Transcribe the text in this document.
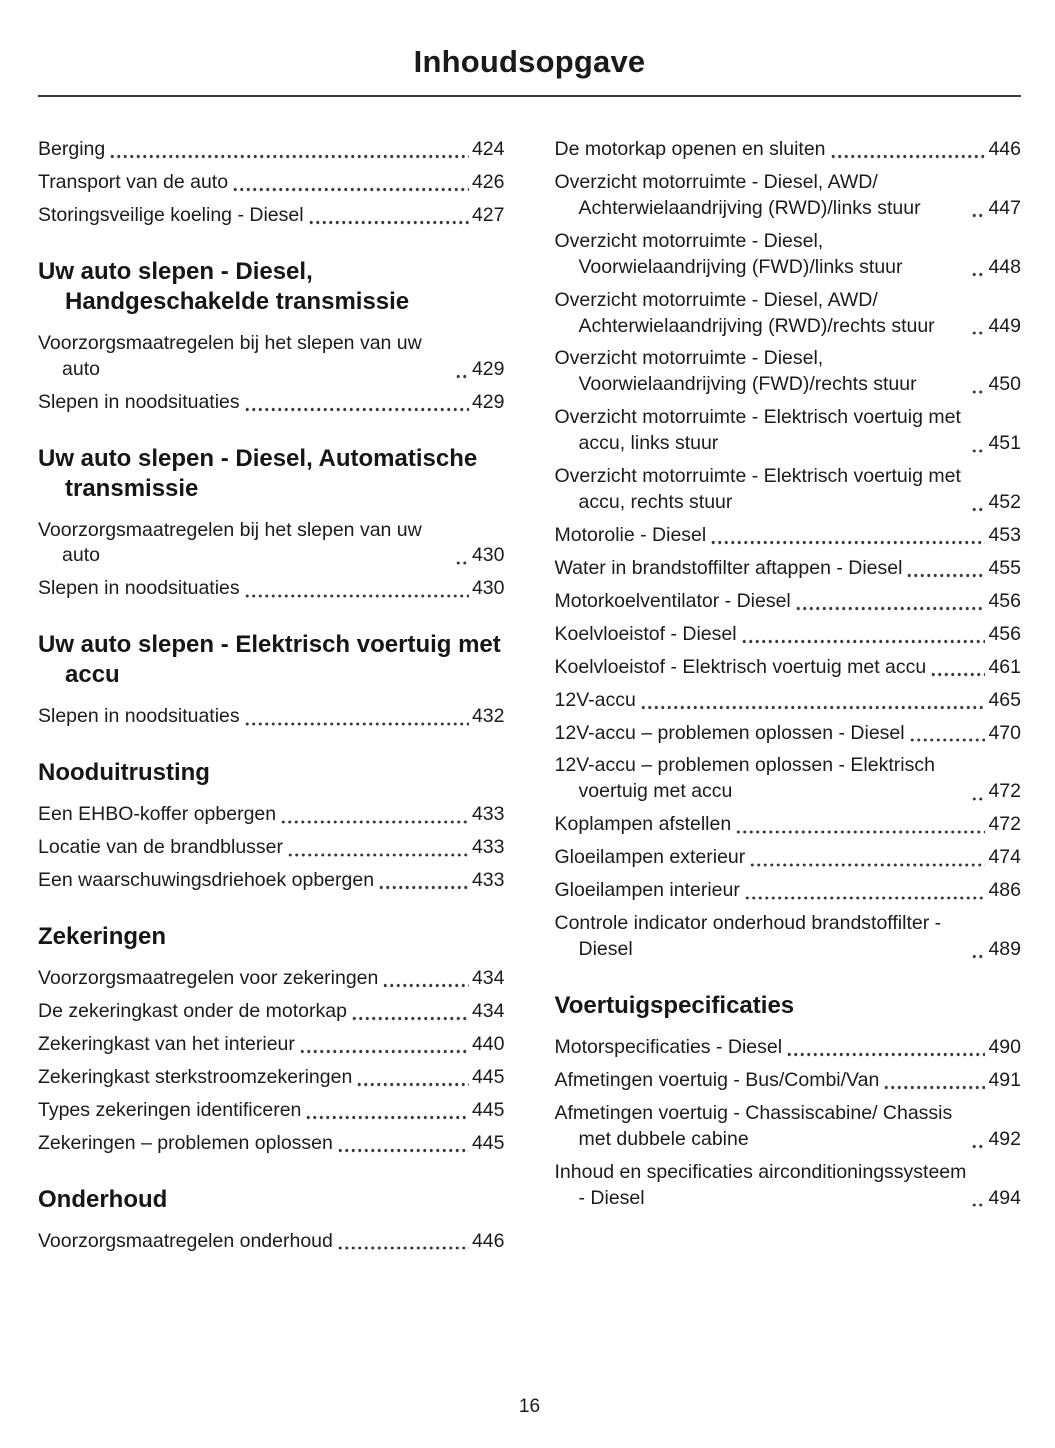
Inhoudsopgave
Berging	424
Transport van de auto	426
Storingsveilige koeling - Diesel	427
Uw auto slepen - Diesel, Handgeschakelde transmissie
Voorzorgsmaatregelen bij het slepen van uw auto	429
Slepen in noodsituaties	429
Uw auto slepen - Diesel, Automatische transmissie
Voorzorgsmaatregelen bij het slepen van uw auto	430
Slepen in noodsituaties	430
Uw auto slepen - Elektrisch voertuig met accu
Slepen in noodsituaties	432
Nooduitrusting
Een EHBO-koffer opbergen	433
Locatie van de brandblusser	433
Een waarschuwingsdriehoek opbergen	433
Zekeringen
Voorzorgsmaatregelen voor zekeringen	434
De zekeringkast onder de motorkap	434
Zekeringkast van het interieur	440
Zekeringkast sterkstroomzekeringen	445
Types zekeringen identificeren	445
Zekeringen – problemen oplossen	445
Onderhoud
Voorzorgsmaatregelen onderhoud	446
De motorkap openen en sluiten	446
Overzicht motorruimte - Diesel, AWD/ Achterwielaandrijving (RWD)/links stuur	447
Overzicht motorruimte - Diesel, Voorwielaandrijving (FWD)/links stuur	448
Overzicht motorruimte - Diesel, AWD/ Achterwielaandrijving (RWD)/rechts stuur	449
Overzicht motorruimte - Diesel, Voorwielaandrijving (FWD)/rechts stuur	450
Overzicht motorruimte - Elektrisch voertuig met accu, links stuur	451
Overzicht motorruimte - Elektrisch voertuig met accu, rechts stuur	452
Motorolie - Diesel	453
Water in brandstoffilter aftappen - Diesel	455
Motorkoelventilator - Diesel	456
Koelvloeistof - Diesel	456
Koelvloeistof - Elektrisch voertuig met accu	461
12V-accu	465
12V-accu – problemen oplossen - Diesel	470
12V-accu – problemen oplossen - Elektrisch voertuig met accu	472
Koplampen afstellen	472
Gloeilampen exterieur	474
Gloeilampen interieur	486
Controle indicator onderhoud brandstoffilter - Diesel	489
Voertuigspecificaties
Motorspecificaties - Diesel	490
Afmetingen voertuig - Bus/Combi/Van	491
Afmetingen voertuig - Chassiscabine/ Chassis met dubbele cabine	492
Inhoud en specificaties airconditioningssysteem - Diesel	494
16
